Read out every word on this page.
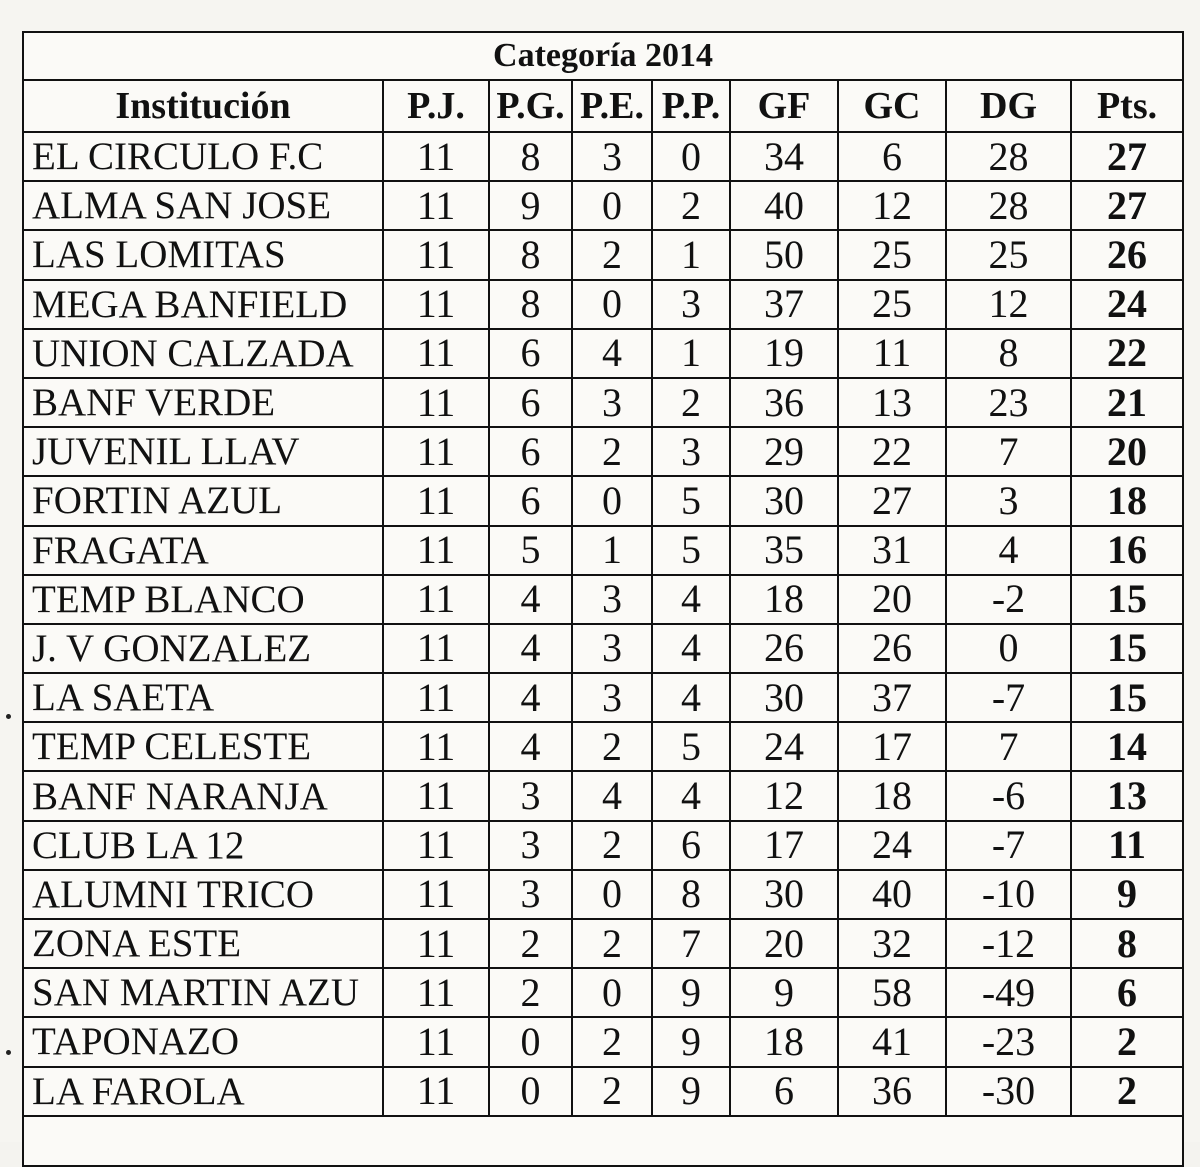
Categoría 2014								
Institución	P.J.	P.G.	P.E.	P.P.	GF	GC	DG	Pts.
EL CIRCULO F.C	11	8	3	0	34	6	28	27
ALMA SAN JOSE	11	9	0	2	40	12	28	27
LAS LOMITAS	11	8	2	1	50	25	25	26
MEGA BANFIELD	11	8	0	3	37	25	12	24
UNION CALZADA	11	6	4	1	19	11	8	22
BANF VERDE	11	6	3	2	36	13	23	21
JUVENIL LLAV	11	6	2	3	29	22	7	20
FORTIN AZUL	11	6	0	5	30	27	3	18
FRAGATA	11	5	1	5	35	31	4	16
TEMP BLANCO	11	4	3	4	18	20	-2	15
J. V GONZALEZ	11	4	3	4	26	26	0	15
LA SAETA	11	4	3	4	30	37	-7	15
TEMP CELESTE	11	4	2	5	24	17	7	14
BANF NARANJA	11	3	4	4	12	18	-6	13
CLUB LA 12	11	3	2	6	17	24	-7	11
ALUMNI TRICO	11	3	0	8	30	40	-10	9
ZONA ESTE	11	2	2	7	20	32	-12	8
SAN MARTIN AZU	11	2	0	9	9	58	-49	6
TAPONAZO	11	0	2	9	18	41	-23	2
LA FAROLA	11	0	2	9	6	36	-30	2
